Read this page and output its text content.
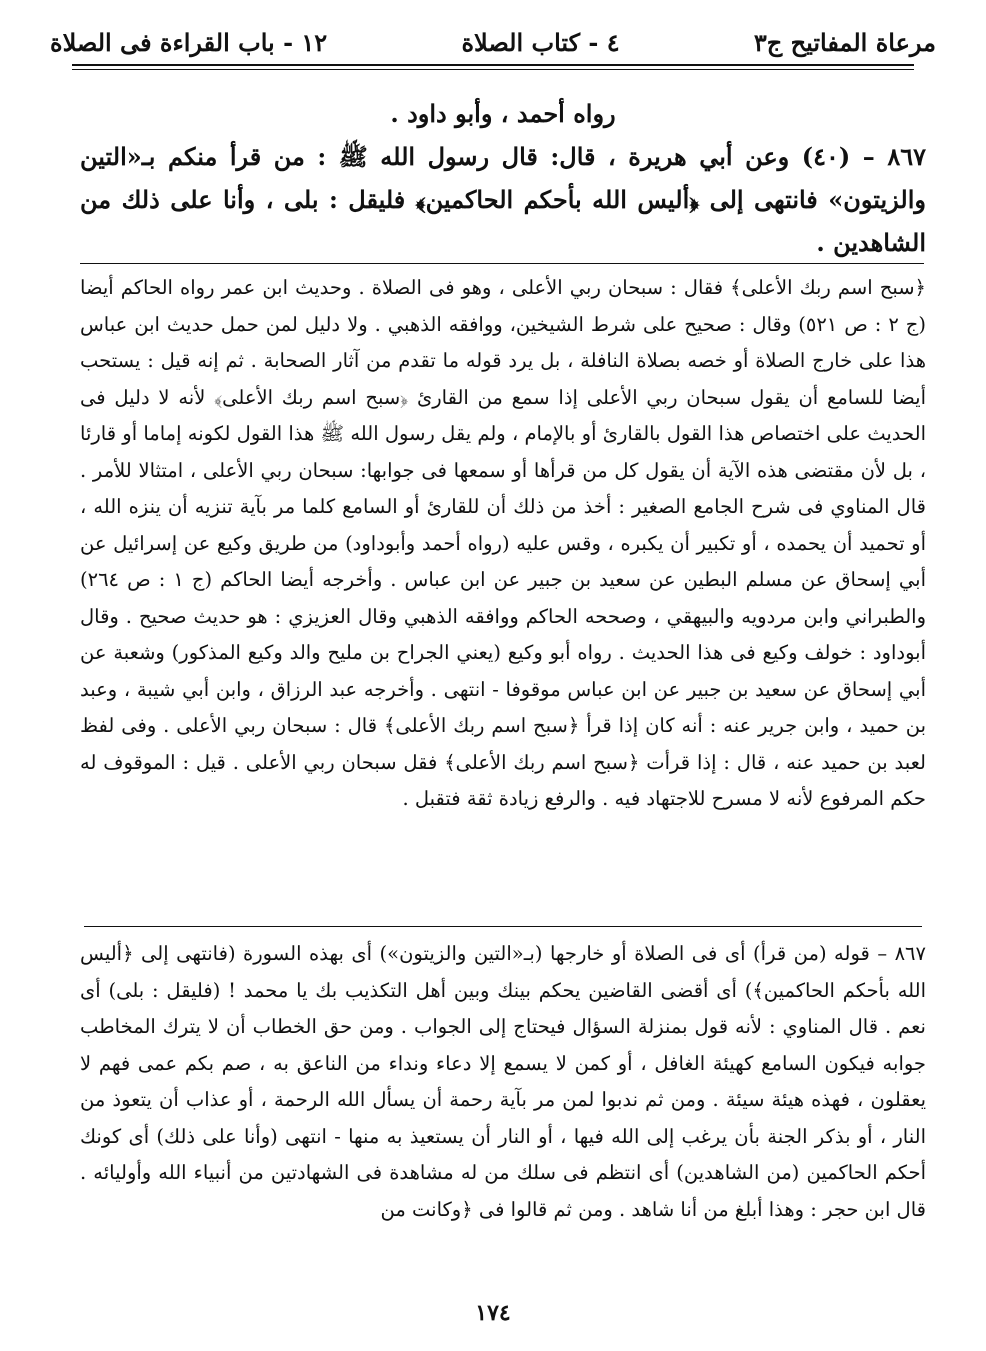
مرعاة المفاتيح ج٣
٤ - كتاب الصلاة
١٢ - باب القراءة فى الصلاة

رواه أحمد ، وأبو داود .

٨٦٧ – (٤٠) وعن أبي هريرة ، قال: قال رسول الله ﷺ : من قرأ منكم بـ«التين والزيتون» فانتهى إلى ﴿أليس الله بأحكم الحاكمين﴾ فليقل : بلى ، وأنا على ذلك من الشاهدين .

﴿سبح اسم ربك الأعلى﴾ فقال : سبحان ربي الأعلى ، وهو فى الصلاة . وحديث ابن عمر رواه الحاكم أيضا (ج ٢ : ص ٥٢١) وقال : صحيح على شرط الشيخين، ووافقه الذهبي . ولا دليل لمن حمل حديث ابن عباس هذا على خارج الصلاة أو خصه بصلاة النافلة ، بل يرد قوله ما تقدم من آثار الصحابة . ثم إنه قيل : يستحب أيضا للسامع أن يقول سبحان ربي الأعلى إذا سمع من القارئ ﴿سبح اسم ربك الأعلى﴾ لأنه لا دليل فى الحديث على اختصاص هذا القول بالقارئ أو بالإمام ، ولم يقل رسول الله ﷺ هذا القول لكونه إماما أو قارئا ، بل لأن مقتضى هذه الآية أن يقول كل من قرأها أو سمعها فى جوابها: سبحان ربي الأعلى ، امتثالا للأمر . قال المناوي فى شرح الجامع الصغير : أخذ من ذلك أن للقارئ أو السامع كلما مر بآية تنزيه أن ينزه الله ، أو تحميد أن يحمده ، أو تكبير أن يكبره ، وقس عليه (رواه أحمد وأبوداود) من طريق وكيع عن إسرائيل عن أبي إسحاق عن مسلم البطين عن سعيد بن جبير عن ابن عباس . وأخرجه أيضا الحاكم (ج ١ : ص ٢٦٤) والطبراني وابن مردويه والبيهقي ، وصححه الحاكم ووافقه الذهبي وقال العزيزي : هو حديث صحيح . وقال أبوداود : خولف وكيع فى هذا الحديث . رواه أبو وكيع (يعني الجراح بن مليح والد وكيع المذكور) وشعبة عن أبي إسحاق عن سعيد بن جبير عن ابن عباس موقوفا - انتهى . وأخرجه عبد الرزاق ، وابن أبي شيبة ، وعبد بن حميد ، وابن جرير عنه : أنه كان إذا قرأ ﴿سبح اسم ربك الأعلى﴾ قال : سبحان ربي الأعلى . وفى لفظ لعبد بن حميد عنه ، قال : إذا قرأت ﴿سبح اسم ربك الأعلى﴾ فقل سبحان ربي الأعلى . قيل : الموقوف له حكم المرفوع لأنه لا مسرح للاجتهاد فيه . والرفع زيادة ثقة فتقبل .

٨٦٧ – قوله (من قرأ) أى فى الصلاة أو خارجها (بـ«التين والزيتون») أى بهذه السورة (فانتهى إلى ﴿أليس الله بأحكم الحاكمين﴾) أى أقضى القاضين يحكم بينك وبين أهل التكذيب بك يا محمد ! (فليقل : بلى) أى نعم . قال المناوي : لأنه قول بمنزلة السؤال فيحتاج إلى الجواب . ومن حق الخطاب أن لا يترك المخاطب جوابه فيكون السامع كهيئة الغافل ، أو كمن لا يسمع إلا دعاء ونداء من الناعق به ، صم بكم عمى فهم لا يعقلون ، فهذه هيئة سيئة . ومن ثم ندبوا لمن مر بآية رحمة أن يسأل الله الرحمة ، أو عذاب أن يتعوذ من النار ، أو بذكر الجنة بأن يرغب إلى الله فيها ، أو النار أن يستعيذ به منها - انتهى (وأنا على ذلك) أى كونك أحكم الحاكمين (من الشاهدين) أى انتظم فى سلك من له مشاهدة فى الشهادتين من أنبياء الله وأوليائه . قال ابن حجر : وهذا أبلغ من أنا شاهد . ومن ثم قالوا فى ﴿وكانت من

١٧٤
